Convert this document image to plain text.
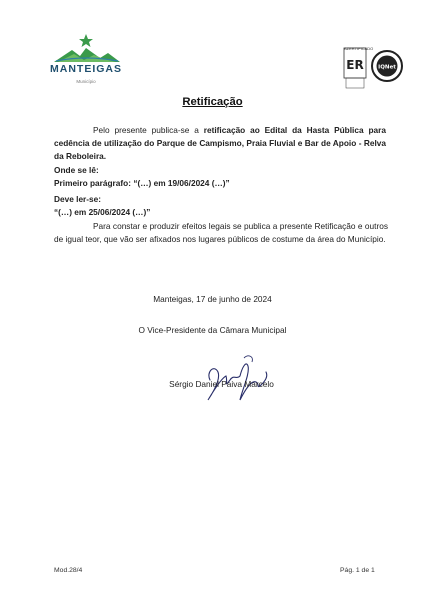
MANTEIGAS
Município
ER	IQNet
AZERTIFICADO
Retificação
Pelo presente publica-se a retificação ao Edital da Hasta Pública para cedência de utilização do Parque de Campismo, Praia Fluvial e Bar de Apoio - Relva da Reboleira.
Onde se lê:
Primeiro parágrafo: “(…) em 19/06/2024 (…)”
Deve ler-se:
“(…) em 25/06/2024 (…)”
Para constar e produzir efeitos legais se publica a presente Retificação e outros de igual teor, que vão ser afixados nos lugares públicos de costume da área do Município.
Manteigas, 17 de junho de 2024
O Vice-Presidente da Câmara Municipal
Sérgio Daniel Paiva Marcelo
Mod.28/4	Pág. 1 de 1
